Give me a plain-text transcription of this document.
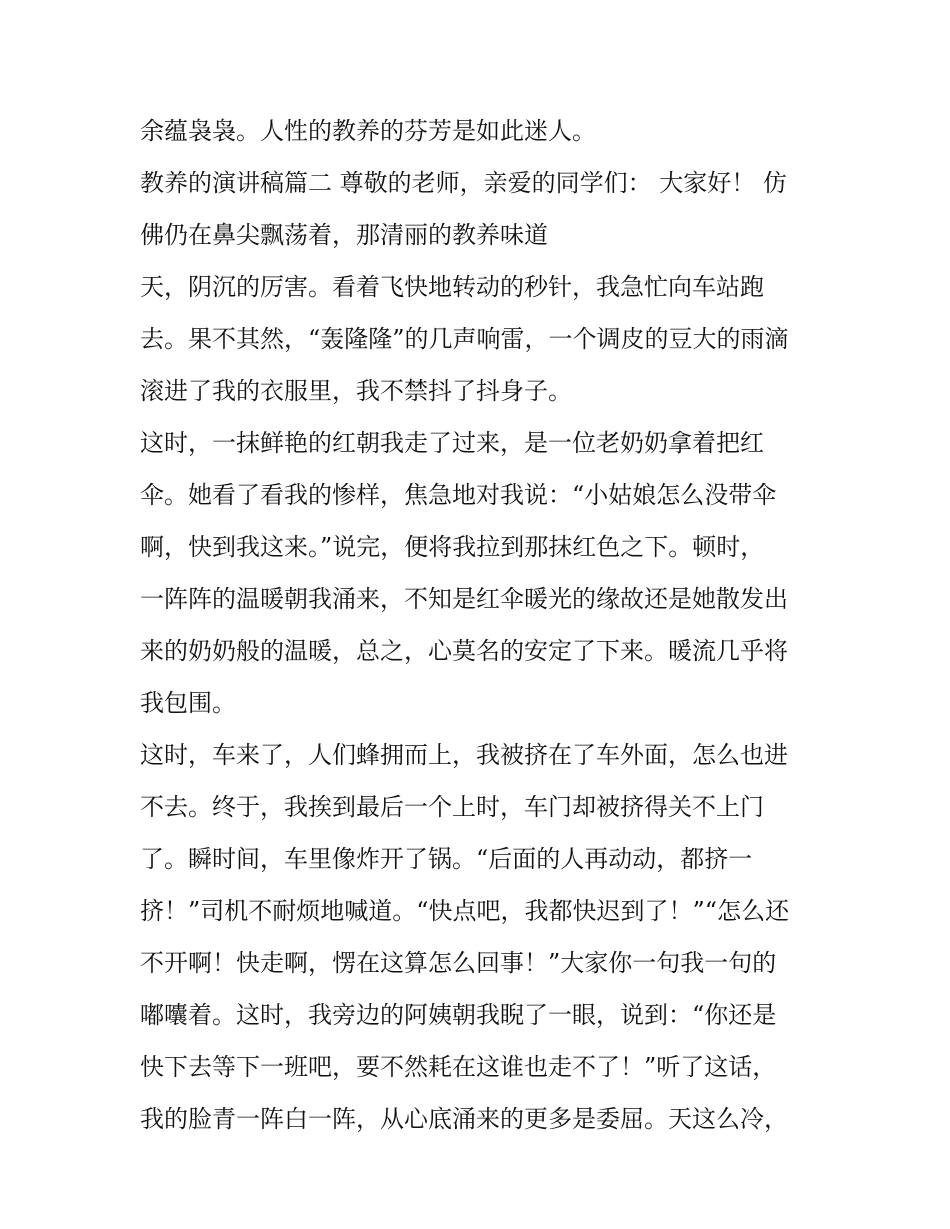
余蕴袅袅。人性的教养的芬芳是如此迷人。
教养的演讲稿篇二 尊敬的老师，亲爱的同学们： 大家好！ 仿
佛仍在鼻尖飘荡着，那清丽的教养味道
天，阴沉的厉害。看着飞快地转动的秒针，我急忙向车站跑
去。果不其然，“轰隆隆”的几声响雷，一个调皮的豆大的雨滴
滚进了我的衣服里，我不禁抖了抖身子。
这时，一抹鲜艳的红朝我走了过来，是一位老奶奶拿着把红
伞。她看了看我的惨样，焦急地对我说：“小姑娘怎么没带伞
啊，快到我这来。”说完，便将我拉到那抹红色之下。顿时，
一阵阵的温暖朝我涌来，不知是红伞暖光的缘故还是她散发出
来的奶奶般的温暖，总之，心莫名的安定了下来。暖流几乎将
我包围。
这时，车来了，人们蜂拥而上，我被挤在了车外面，怎么也进
不去。终于，我挨到最后一个上时，车门却被挤得关不上门
了。瞬时间，车里像炸开了锅。“后面的人再动动，都挤一
挤！”司机不耐烦地喊道。“快点吧，我都快迟到了！”“怎么还
不开啊！快走啊，愣在这算怎么回事！”大家你一句我一句的
嘟囔着。这时，我旁边的阿姨朝我睨了一眼，说到：“你还是
快下去等下一班吧，要不然耗在这谁也走不了！”听了这话，
我的脸青一阵白一阵，从心底涌来的更多是委屈。天这么冷，
